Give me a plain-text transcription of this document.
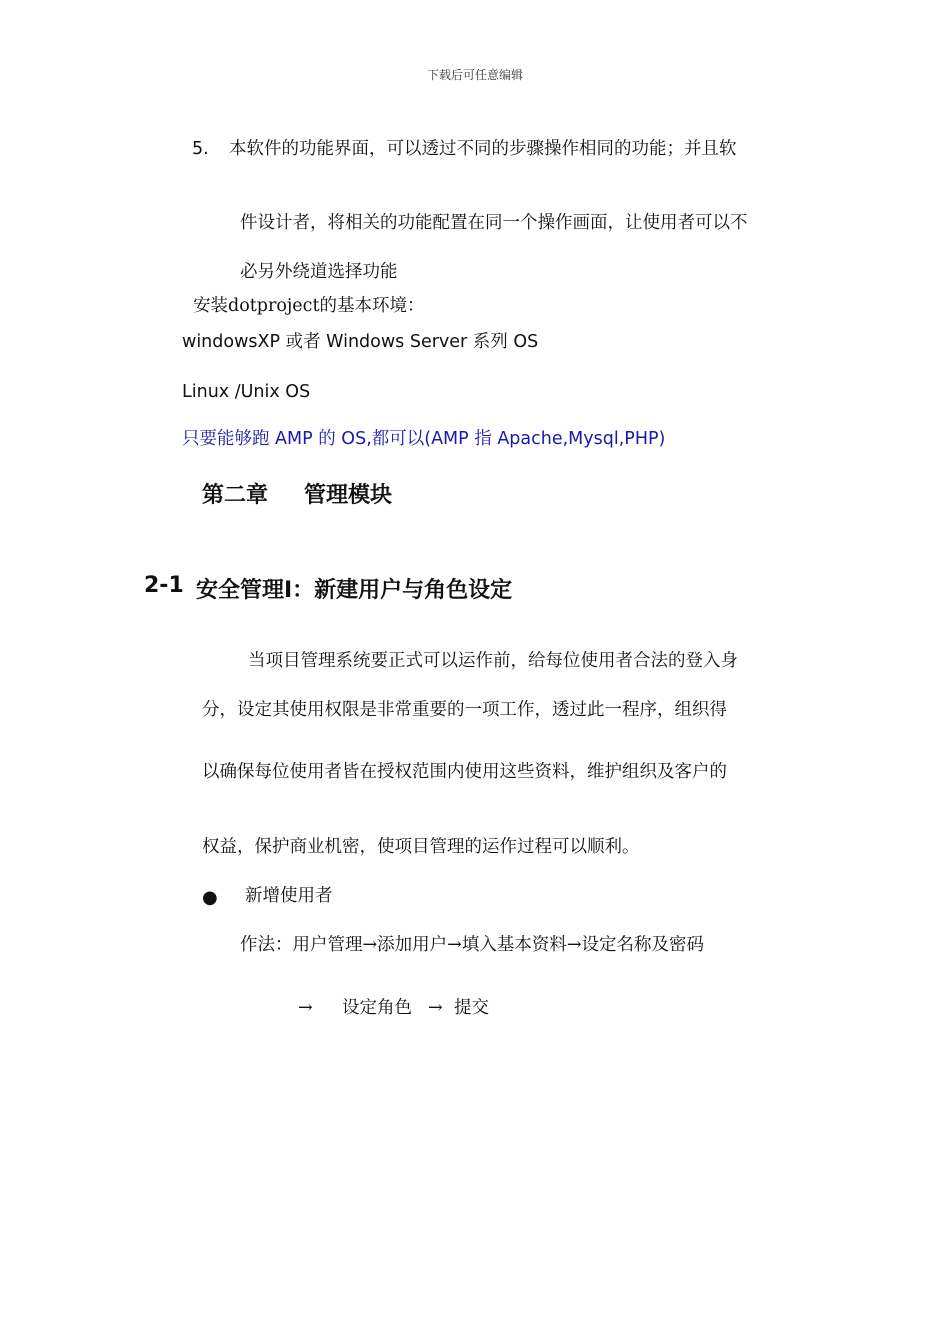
下载后可任意编辑
5. 本软件的功能界面，可以透过不同的步骤操作相同的功能；并且软
件设计者，将相关的功能配置在同一个操作画面，让使用者可以不
必另外绕道选择功能
安装dotproject的基本环境：
windowsXP 或者 Windows Server 系列 OS
Linux /Unix OS
只要能够跑 AMP 的 OS,都可以(AMP 指 Apache,Mysql,PHP)
第二章 管理模块
2-1 安全管理Ⅰ：新建用户与角色设定
当项目管理系统要正式可以运作前，给每位使用者合法的登入身
分，设定其使用权限是非常重要的一项工作，透过此一程序，组织得
以确保每位使用者皆在授权范围内使用这些资料，维护组织及客户的
权益，保护商业机密，使项目管理的运作过程可以顺利。
● 新增使用者
作法：用户管理→添加用户→填入基本资料→设定名称及密码
→ 设定角色 → 提交
